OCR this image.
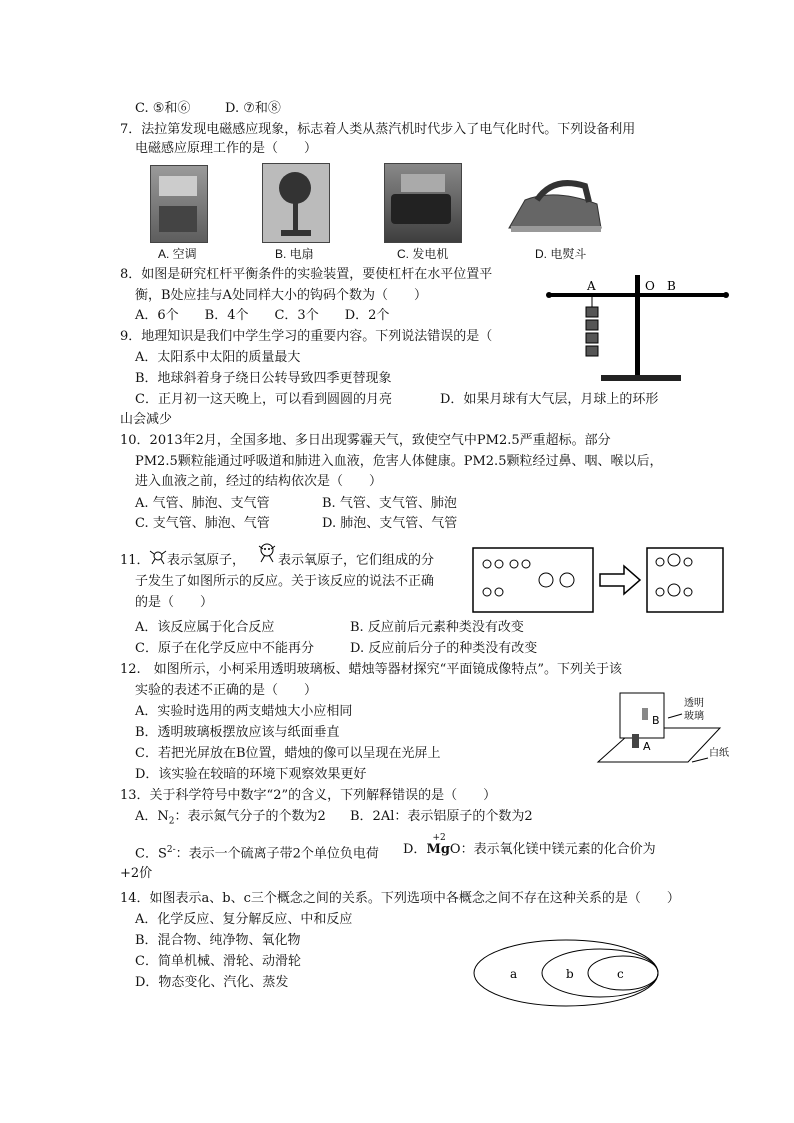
C. ⑤和⑥	D. ⑦和⑧
7．法拉第发现电磁感应现象，标志着人类从蒸汽机时代步入了电气化时代。下列设备利用
电磁感应原理工作的是（　　）
A. 空调	B. 电扇	C. 发电机	D. 电熨斗
8．如图是研究杠杆平衡条件的实验装置，要使杠杆在水平位置平
衡，B处应挂与A处同样大小的钩码个数为（　　）
A．6个　　B．4个　　C．3个　　D．2个
A	O B
9．地理知识是我们中学生学习的重要内容。下列说法错误的是（
A．太阳系中太阳的质量最大
B．地球斜着身子绕日公转导致四季更替现象
C．正月初一这天晚上，可以看到圆圆的月亮	D．如果月球有大气层，月球上的环形
山会减少
10．2013年2月，全国多地、多日出现雾霾天气，致使空气中PM2.5严重超标。部分
PM2.5颗粒能通过呼吸道和肺进入血液，危害人体健康。PM2.5颗粒经过鼻、咽、喉以后，
进入血液之前，经过的结构依次是（　　）
A. 气管、肺泡、支气管	B. 气管、支气管、肺泡
C. 支气管、肺泡、气管	D. 肺泡、支气管、气管
11． 表示氢原子，	表示氧原子，它们组成的分
子发生了如图所示的反应。关于该反应的说法不正确
的是（　　）
A．该反应属于化合反应	B. 反应前后元素种类没有改变
C．原子在化学反应中不能再分	D. 反应前后分子的种类没有改变
12.　如图所示，小柯采用透明玻璃板、蜡烛等器材探究“平面镜成像特点”。下列关于该
实验的表述不正确的是（　　）
A．实验时选用的两支蜡烛大小应相同
B．透明玻璃板摆放应该与纸面垂直
C．若把光屏放在B位置，蜡烛的像可以呈现在光屏上
D．该实验在较暗的环境下观察效果更好
A
B
透明
玻璃
白纸
13．关于科学符号中数字“2”的含义，下列解释错误的是（　　）
A．$N_2$：表示氮气分子的个数为2 B．2Al：表示铝原子的个数为2
C．$S^{2-}$：表示一个硫离子带2个单位负电荷 D．
+2
MgO：表示氧化镁中镁元素的化合价为
+2价
14．如图表示a、b、c三个概念之间的关系。下列选项中各概念之间不存在这种关系的是（　　）
A．化学反应、复分解反应、中和反应
B．混合物、纯净物、氧化物
C．简单机械、滑轮、动滑轮
D．物态变化、汽化、蒸发
a	b	c
